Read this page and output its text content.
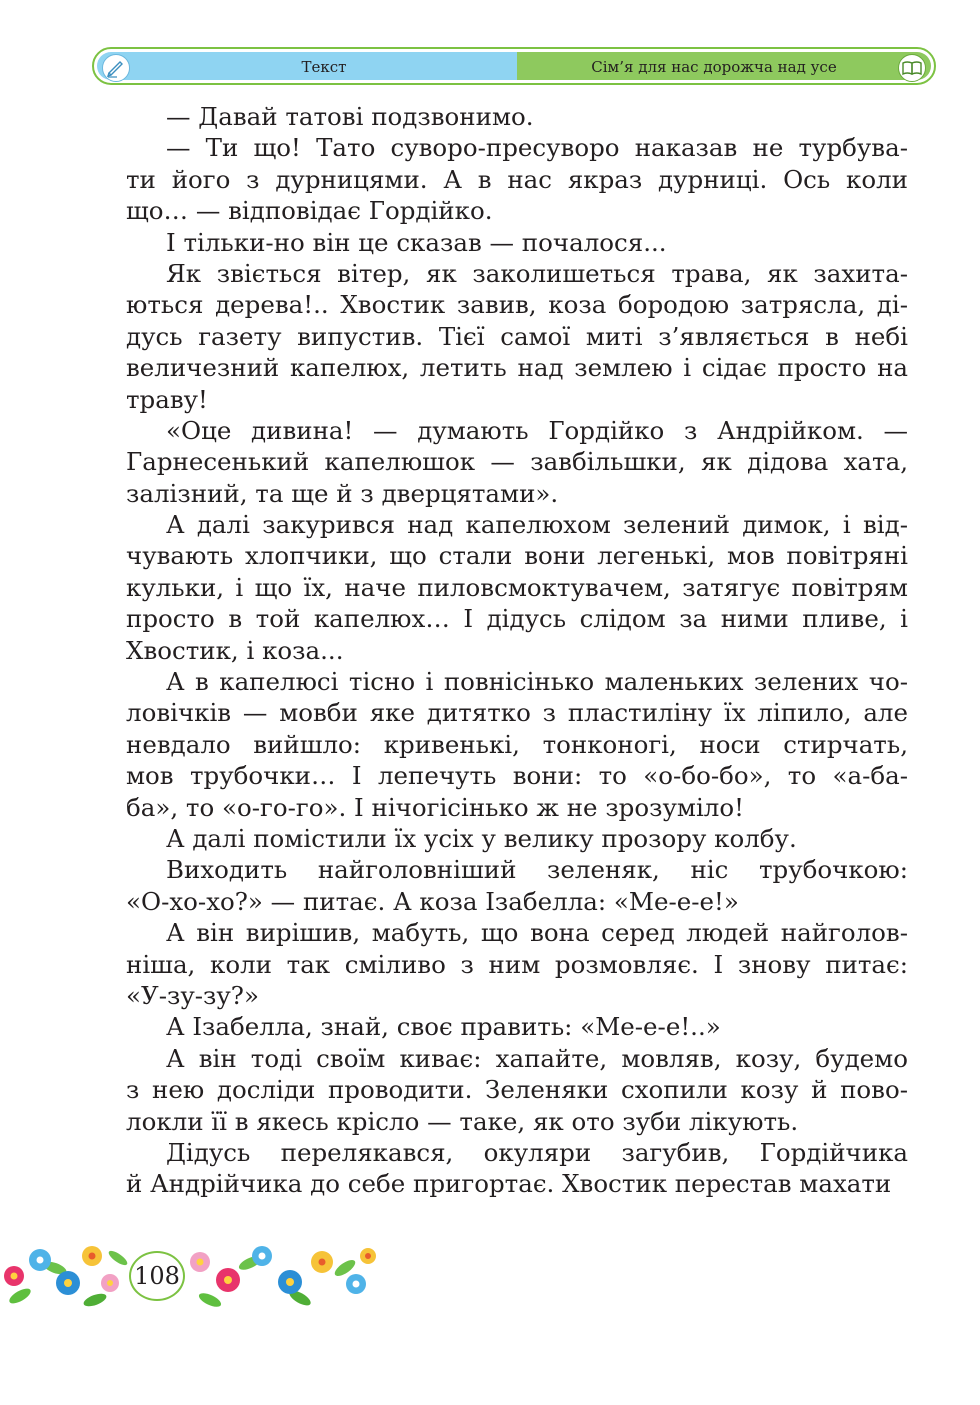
Текст	Сім’я для нас дорожча над усе
— Давай татові подзвонимо.
— Ти що! Тато суворо-пресуворо наказав не турбува-
ти його з дурницями. А в нас якраз дурниці. Ось коли
що… — відповідає Гордійко.
І тільки-но він це сказав — почалося...
Як звіється вітер, як заколишеться трава, як захита-
ються дерева!.. Хвостик завив, коза бородою затрясла, ді-
дусь газету випустив. Тієї самої миті з’являється в небі
величезний капелюх, летить над землею і сідає просто на
траву!
«Оце дивина! — думають Гордійко з Андрійком. —
Гарнесенький капелюшок — завбільшки, як дідова хата,
залізний, та ще й з дверцятами».
А далі закурився над капелюхом зелений димок, і від-
чувають хлопчики, що стали вони легенькі, мов повітряні
кульки, і що їх, наче пиловсмоктувачем, затягує повітрям
просто в той капелюх… І дідусь слідом за ними пливе, і
Хвостик, і коза...
А в капелюсі тісно і повнісінько маленьких зелених чо-
ловічків — мовби яке дитятко з пластиліну їх ліпило, але
невдало вийшло: кривенькі, тонконогі, носи стирчать,
мов трубочки… І лепечуть вони: то «о-бо-бо», то «а-ба-
ба», то «о-го-го». І нічогісінько ж не зрозуміло!
А далі помістили їх усіх у велику прозору колбу.
Виходить найголовніший зеленяк, ніс трубочкою:
«О-хо-хо?» — питає. А коза Ізабелла: «Ме-е-е!»
А він вирішив, мабуть, що вона серед людей найголов-
ніша, коли так сміливо з ним розмовляє. І знову питає:
«У-зу-зу?»
А Ізабелла, знай, своє править: «Ме-е-е!..»
А він тоді своїм киває: хапайте, мовляв, козу, будемо
з нею досліди проводити. Зеленяки схопили козу й пово-
локли її в якесь крісло — таке, як ото зуби лікують.
Дідусь перелякався, окуляри загубив, Гордійчика
й Андрійчика до себе пригортає. Хвостик перестав махати
108
